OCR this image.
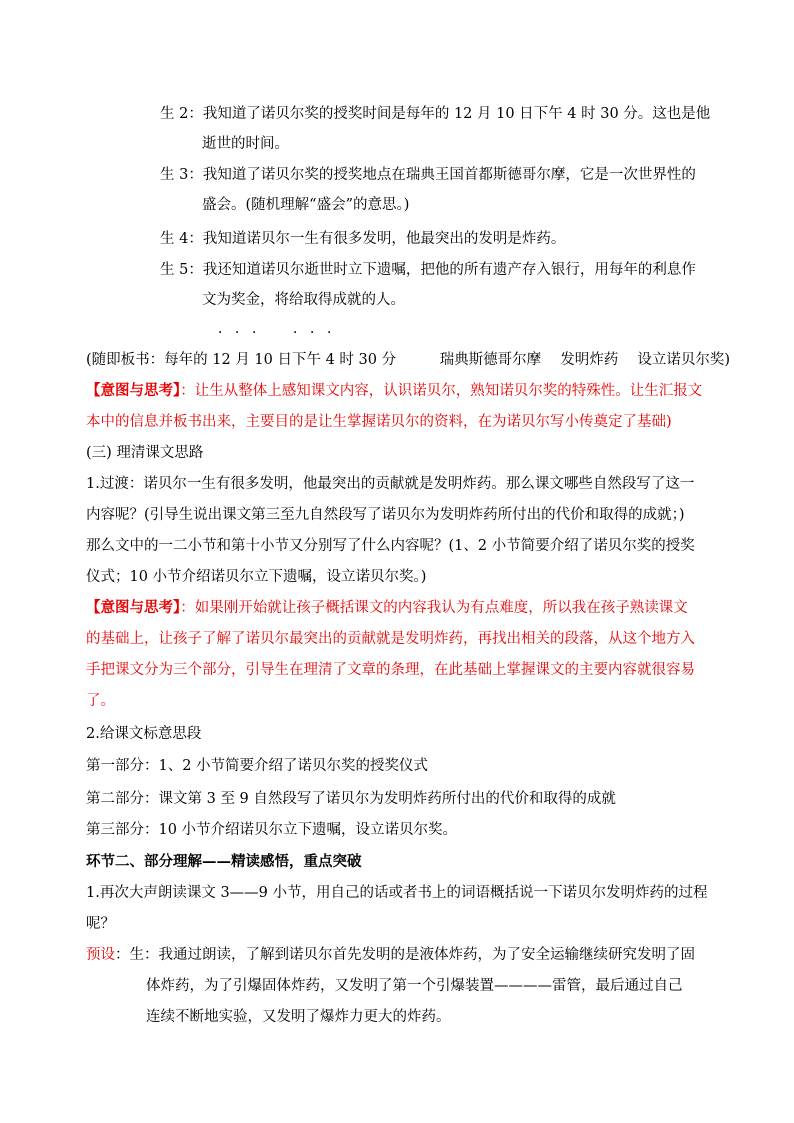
生 2：我知道了诺贝尔奖的授奖时间是每年的 12 月 10 日下午 4 时 30 分。这也是他
逝世的时间。
生 3：我知道了诺贝尔奖的授奖地点在瑞典王国首都斯德哥尔摩，它是一次世界性的
盛会。(随机理解“盛会”的意思。)
生 4：我知道诺贝尔一生有很多发明，他最突出的发明是炸药。
生 5：我还知道诺贝尔逝世时立下遗嘱，把他的所有遗产存入银行，用每年的利息作
文为奖金，将给取得成就的人。
．．．　．．．
(随即板书：每年的 12 月 10 日下午 4 时 30 分　　　瑞典斯德哥尔摩　 发明炸药　 设立诺贝尔奖)
【意图与思考】：让生从整体上感知课文内容，认识诺贝尔，熟知诺贝尔奖的特殊性。让生汇报文
本中的信息并板书出来，主要目的是让生掌握诺贝尔的资料，在为诺贝尔写小传奠定了基础)
(三) 理清课文思路
1.过渡：诺贝尔一生有很多发明，他最突出的贡献就是发明炸药。那么课文哪些自然段写了这一
内容呢？(引导生说出课文第三至九自然段写了诺贝尔为发明炸药所付出的代价和取得的成就；)
那么文中的一二小节和第十小节又分别写了什么内容呢？(1、2 小节简要介绍了诺贝尔奖的授奖
仪式；10 小节介绍诺贝尔立下遗嘱，设立诺贝尔奖。)
【意图与思考】：如果刚开始就让孩子概括课文的内容我认为有点难度，所以我在孩子熟读课文
的基础上，让孩子了解了诺贝尔最突出的贡献就是发明炸药，再找出相关的段落，从这个地方入
手把课文分为三个部分，引导生在理清了文章的条理，在此基础上掌握课文的主要内容就很容易
了。
2.给课文标意思段
第一部分：1、2 小节简要介绍了诺贝尔奖的授奖仪式
第二部分：课文第 3 至 9 自然段写了诺贝尔为发明炸药所付出的代价和取得的成就
第三部分：10 小节介绍诺贝尔立下遗嘱，设立诺贝尔奖。
环节二、部分理解——精读感悟，重点突破
1.再次大声朗读课文 3——9 小节，用自己的话或者书上的词语概括说一下诺贝尔发明炸药的过程
呢？
预设：生：我通过朗读，了解到诺贝尔首先发明的是液体炸药，为了安全运输继续研究发明了固
体炸药，为了引爆固体炸药，又发明了第一个引爆装置————雷管，最后通过自己
连续不断地实验，又发明了爆炸力更大的炸药。
